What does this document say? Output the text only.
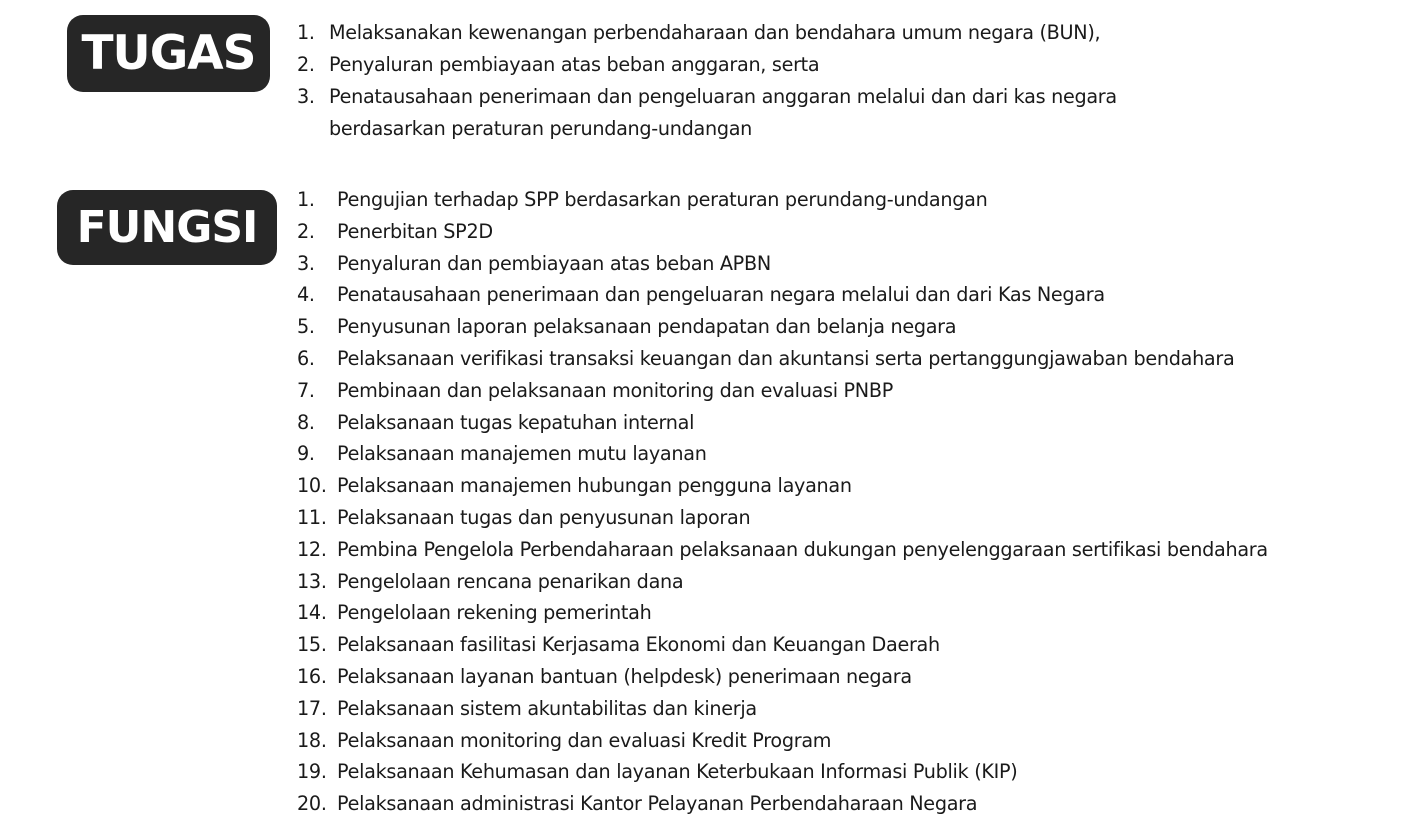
TUGAS 1. Melaksanakan kewenangan perbendaharaan dan bendahara umum negara (BUN),
2. Penyaluran pembiayaan atas beban anggaran, serta
3. Penatausahaan penerimaan dan pengeluaran anggaran melalui dan dari kas negara
berdasarkan peraturan perundang-undangan
FUNGSI
1. Pengujian terhadap SPP berdasarkan peraturan perundang-undangan
2. Penerbitan SP2D
3. Penyaluran dan pembiayaan atas beban APBN
4. Penatausahaan penerimaan dan pengeluaran negara melalui dan dari Kas Negara
5. Penyusunan laporan pelaksanaan pendapatan dan belanja negara
6. Pelaksanaan verifikasi transaksi keuangan dan akuntansi serta pertanggungjawaban bendahara
7. Pembinaan dan pelaksanaan monitoring dan evaluasi PNBP
8. Pelaksanaan tugas kepatuhan internal
9. Pelaksanaan manajemen mutu layanan
10. Pelaksanaan manajemen hubungan pengguna layanan
11. Pelaksanaan tugas dan penyusunan laporan
12. Pembina Pengelola Perbendaharaan pelaksanaan dukungan penyelenggaraan sertifikasi bendahara
13. Pengelolaan rencana penarikan dana
14. Pengelolaan rekening pemerintah
15. Pelaksanaan fasilitasi Kerjasama Ekonomi dan Keuangan Daerah
16. Pelaksanaan layanan bantuan (helpdesk) penerimaan negara
17. Pelaksanaan sistem akuntabilitas dan kinerja
18. Pelaksanaan monitoring dan evaluasi Kredit Program
19. Pelaksanaan Kehumasan dan layanan Keterbukaan Informasi Publik (KIP)
20. Pelaksanaan administrasi Kantor Pelayanan Perbendaharaan Negara
